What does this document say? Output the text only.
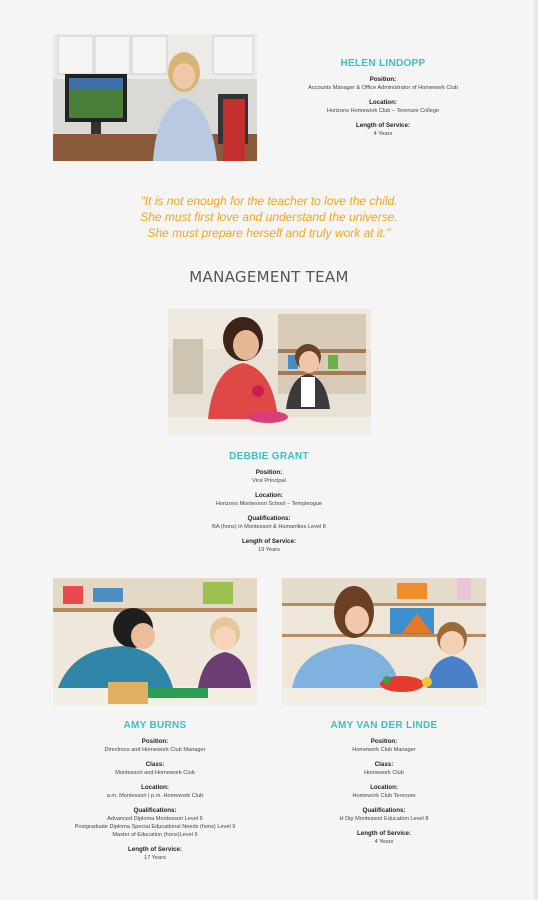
HELEN LINDOPP
Position:
Accounts Manager & Office Administrator of Homework Club
Location:
Horizons Homework Club – Terenure College
Length of Service:
4 Years
"It is not enough for the teacher to love the child.
She must first love and understand the universe.
She must prepare herself and truly work at it."
MANAGEMENT TEAM
DEBBIE GRANT
Position:
Vice Principal
Location:
Horizons Montessori School – Templeogue
Qualifications:
BA (hons) in Montessori & Humanities Level 8
Length of Service:
19 Years
AMY BURNS
Position:
Directress and Homework Club Manager
Class:
Montessori and Homework Club
Location:
a.m. Montessori | p.m. Homework Club
Qualifications:
Advanced Diploma Montessori Level 6
Postgraduate Diploma Special Educational Needs (hons) Level 9
Master of Education (hons)Level 9
Length of Service:
17 Years
AMY VAN DER LINDE
Position:
Homework Club Manager
Class:
Homework Club
Location:
Homework Club Terenure
Qualifications:
H Dip Montessori Education Level 8
Length of Service:
4 Years
